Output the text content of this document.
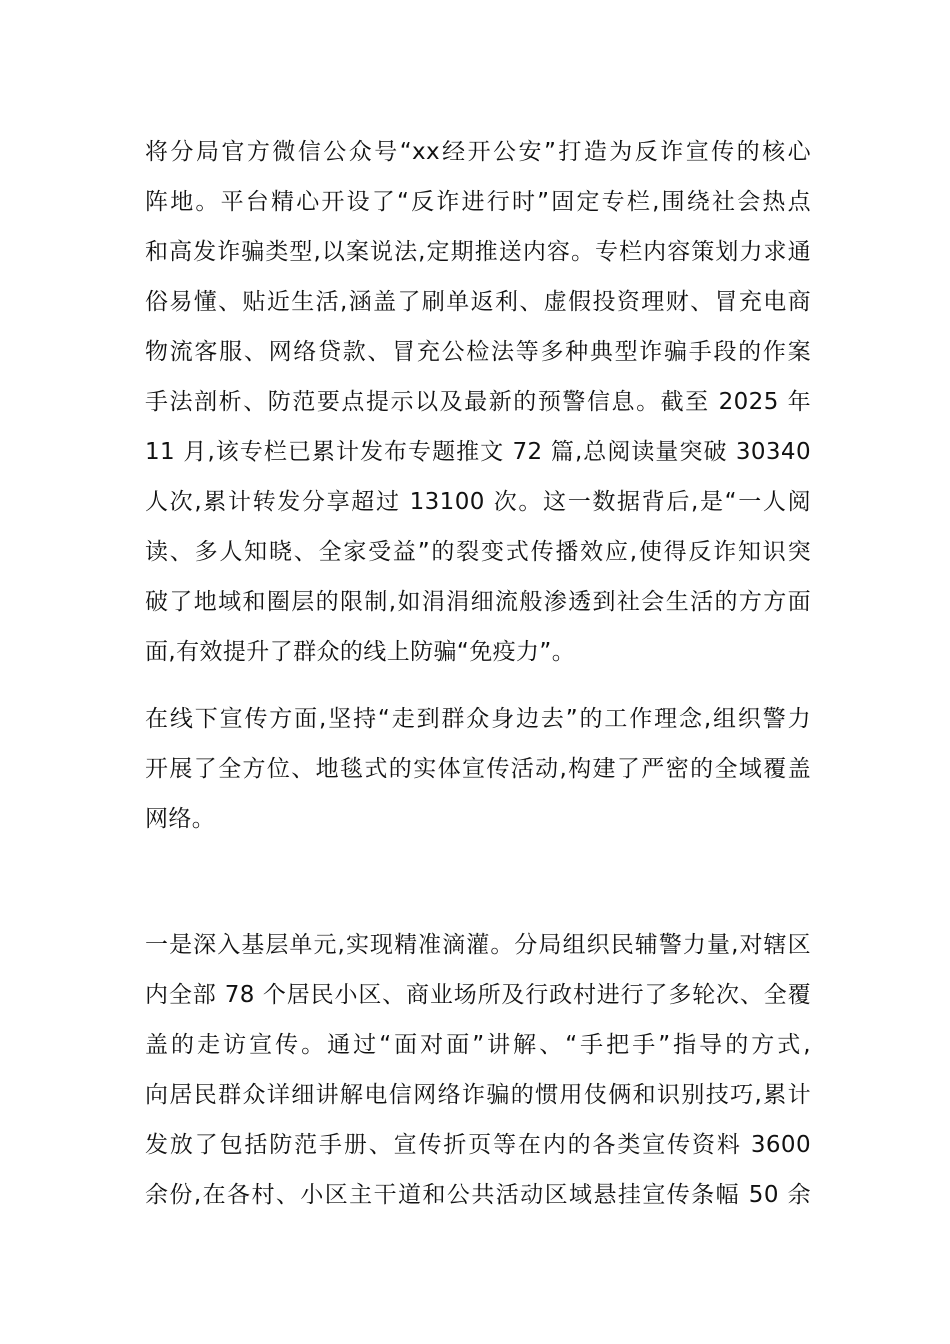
将分局官方微信公众号“xx经开公安”打造为反诈宣传的核心
阵地。平台精心开设了“反诈进行时”固定专栏,围绕社会热点
和高发诈骗类型,以案说法,定期推送内容。专栏内容策划力求通
俗易懂、贴近生活,涵盖了刷单返利、虚假投资理财、冒充电商
物流客服、网络贷款、冒充公检法等多种典型诈骗手段的作案
手法剖析、防范要点提示以及最新的预警信息。截至 2025 年
11 月,该专栏已累计发布专题推文 72 篇,总阅读量突破 30340
人次,累计转发分享超过 13100 次。这一数据背后,是“一人阅
读、多人知晓、全家受益”的裂变式传播效应,使得反诈知识突
破了地域和圈层的限制,如涓涓细流般渗透到社会生活的方方面
面,有效提升了群众的线上防骗“免疫力”。
在线下宣传方面,坚持“走到群众身边去”的工作理念,组织警力
开展了全方位、地毯式的实体宣传活动,构建了严密的全域覆盖
网络。
一是深入基层单元,实现精准滴灌。分局组织民辅警力量,对辖区
内全部 78 个居民小区、商业场所及行政村进行了多轮次、全覆
盖的走访宣传。通过“面对面”讲解、“手把手”指导的方式,
向居民群众详细讲解电信网络诈骗的惯用伎俩和识别技巧,累计
发放了包括防范手册、宣传折页等在内的各类宣传资料 3600
余份,在各村、小区主干道和公共活动区域悬挂宣传条幅 50 余
